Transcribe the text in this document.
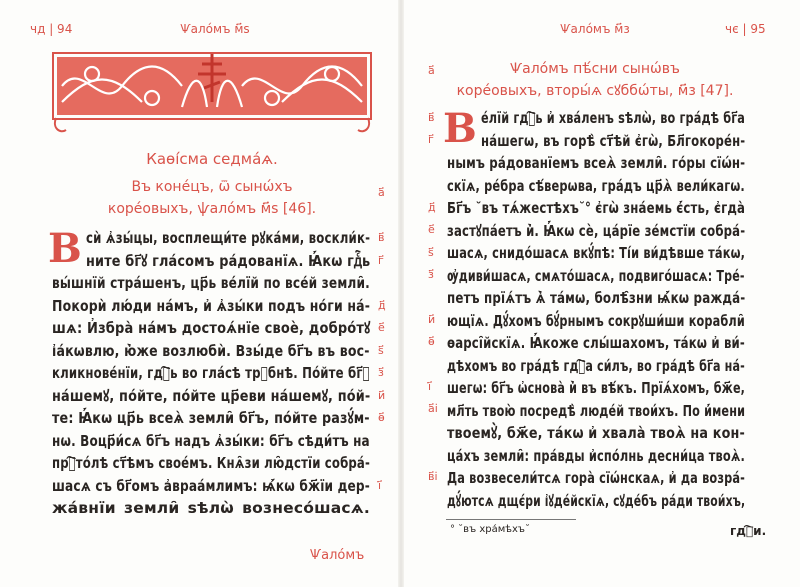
чд | 94	Ѱалóмъ м҃ѕ
Каѳíсма седмáѧ.
Въ конéцъ, ѿ сынѡ́хъ
корéовыхъ, ѱалóмъ м҃ѕ [46].
В сѝ ѧ҆зы́цы, восплещи́те рꙋка́ми, воскли́к-
ните бг҃ꙋ гла́сомъ ра́дованїѧ. Ꙗ҆́кѡ гдⷭ҇ь
вы́шнїй стра́шенъ, цр҃ь ве́лїй по все́й земли̑.
Покорѝ лю́ди на́мъ, и҆ ѧ҆зы́ки подъ но́ги на́-
шѧ: И҆збра̀ на́мъ достоѧ́нїе своѐ, добро́тꙋ
і҆а́кѡвлю, ю҆̀же возлюбѝ. Взы́де бг҃ъ въ вос-
кликнове́нїи, гдⷭ҇ь во гла́сѣ трꙋбнѣ. По́йте бг҃ꙋ
на́шемꙋ, по́йте, по́йте цр҃еви на́шемꙋ, по́й-
те: Ꙗ҆́кѡ цр҃ь всеѧ̀ земли̑ бг҃ъ, по́йте разꙋ́м-
нѡ. Воцр҃и́сѧ бг҃ъ надъ ѧ҆зы́ки: бг҃ъ сѣди́тъ на
прⷭ҇то́лѣ ст҃ѣмъ свое́мъ. Кнѧ̑зи лю̑дстїи собра́-
шасѧ съ бг҃омъ а҆враа́млимъ: ѩ҆́кѡ бж҃їи дер-
жа́внїи земли̑ ѕѣлѡ̀ вознесо́шасѧ.
а҃
в҃
г҃
д҃
е҃
ѕ҃
з҃
и҃
ѳ҃
і҃
Ѱалóмъ
Ѱалóмъ м҃з	чє | 95
Ѱалóмъ пѣ́сни сынѡ́въ
корéовыхъ, вторы́ѧ сꙋббѡ́ты, м҃з [47].
В е́лїй гдⷭ҇ь и҆ хва́ленъ ѕѣлѡ̀, во гра́дѣ бг҃а
на́шегѡ, въ горѣ̀ ст҃ѣй є҆гѡ̀, Бл҃гокоре́н-
нымъ ра́дованїемъ всеѧ̀ земли̑. го́ры сїѡ́н-
скїѧ, ре́бра сѣ́верѡва, гра́дъ цр҃ѧ̀ вели́кагѡ.
Бг҃ъ ˘въ тѧ́жестѣхъ˘° є҆гѡ̀ зна́емь є҆́сть, є҆гда̀
застꙋпа́етъ и҆̀. Ꙗ҆́кѡ сѐ, ца́рїе зе́мстїи собра́-
шасѧ, снидо́шасѧ вкꙋ́пѣ: Ті́и ви́дѣвше та́кѡ,
ѹ҆диви́шасѧ, смѧто́шасѧ, подвиго́шасѧ: Тре́-
петъ прїѧ́тъ ѧ҆̀ та́мѡ, болѣ̑зни ѩ҆́кѡ ражда́-
ющїѧ. Дꙋ́хомъ бꙋ́рнымъ сокрꙋши́ши корабли̑
ѳарсі̑йскїѧ. Ꙗ҆́коже слы́шахомъ, та́кѡ и҆ ви́-
дѣхомъ во гра́дѣ гдⷭ҇а си́лъ, во гра́дѣ бг҃а на́-
шегѡ: бг҃ъ ѡ҆снова̀ и҆̀ въ вѣ́къ. Прїѧ́хомъ, бж҃е,
мл҃ть твою̀ посредѣ̀ люде́й твои́хъ. По и҆́мени
твоемꙋ̀, бж҃е, та́кѡ и҆ хвала̀ твоѧ̀ на кон-
ца́хъ земли̑: пра́вды и҆спо́лнь десни́ца твоѧ̀.
Да возвесели́тсѧ гора̀ сїѡ́нскаѧ, и҆ да возра́-
дꙋ́ютсѧ дщє́ри і҆ꙋде́йскїѧ, сꙋде́бъ ра́ди твои́хъ,
а҃
в҃
г҃
д҃
е҃
ѕ҃
з҃
и҃
ѳ҃
і҃
а҃і
в҃і
° ˘въ хра́мѣхъ˘	гдⷭ҇и.
